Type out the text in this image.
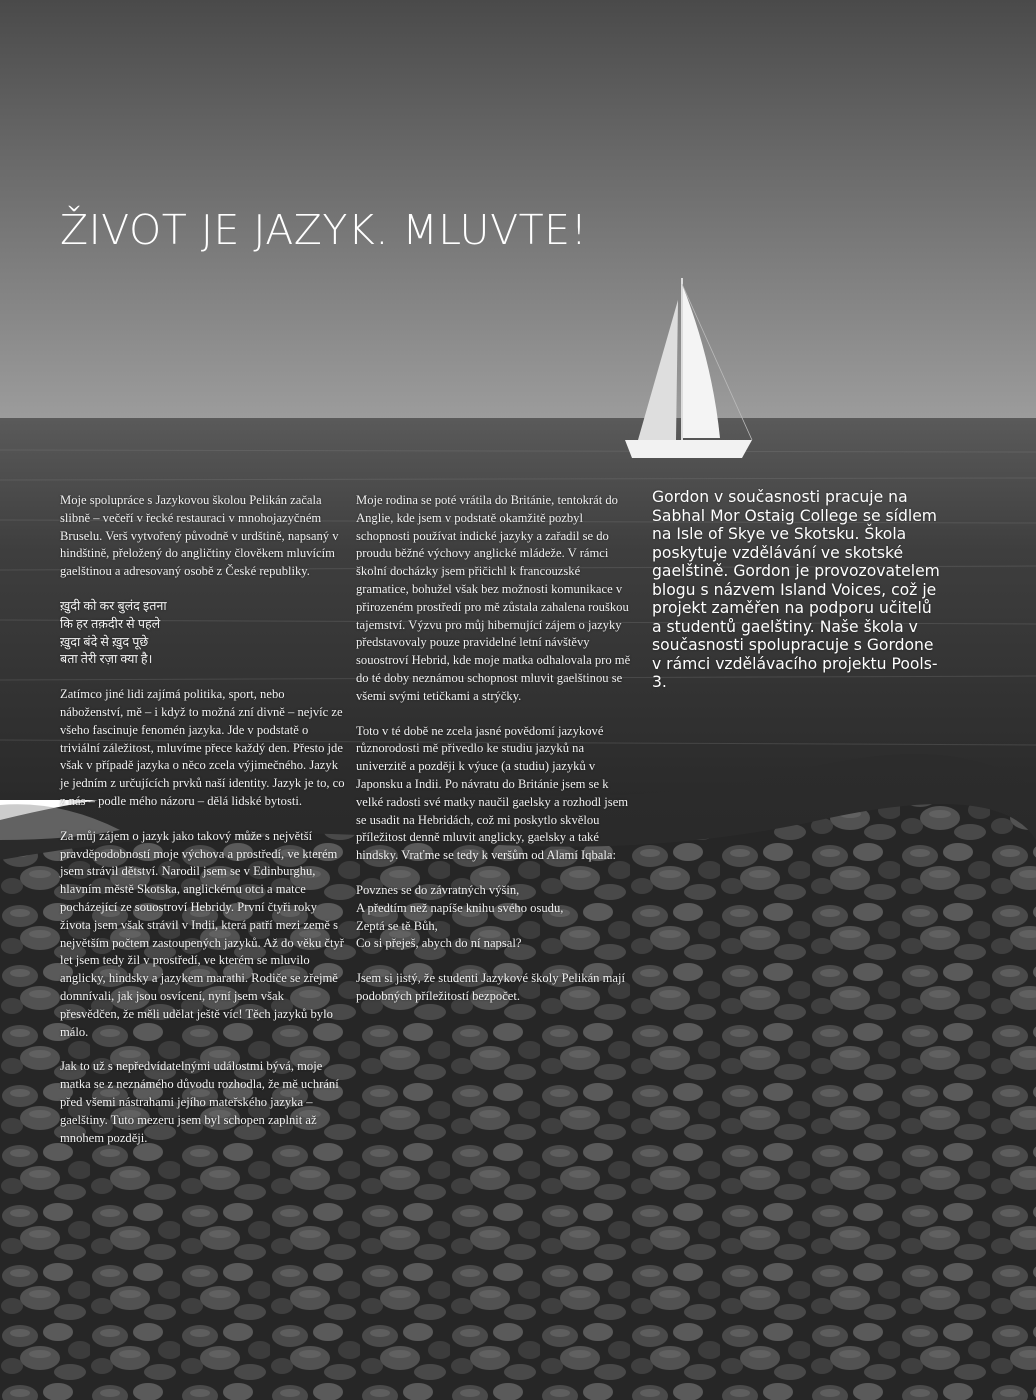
ŽIVOT JE JAZYK. MLUVTE!

Moje spolupráce s Jazykovou školou Pelikán začala slibně – večeří v řecké restauraci v mnohojazyčném Bruselu. Verš vytvořený původně v urdštině, napsaný v hindštině, přeložený do angličtiny člověkem mluvícím gaelštinou a adresovaný osobě z České republiky.

ख़ुदी को कर बुलंद इतना
कि हर तक़दीर से पहले
ख़ुदा बंदे से ख़ुद पूछे
बता तेरी रज़ा क्या है।

Zatímco jiné lidi zajímá politika, sport, nebo náboženství, mě – i když to možná zní divně – nejvíc ze všeho fascinuje fenomén jazyka. Jde v podstatě o triviální záležitost, mluvíme přece každý den. Přesto jde však v případě jazyka o něco zcela výjimečného. Jazyk je jedním z určujících prvků naší identity. Jazyk je to, co z nás – podle mého názoru – dělá lidské bytosti.

Za můj zájem o jazyk jako takový může s největší pravděpodobností moje výchova a prostředí, ve kterém jsem strávil dětství. Narodil jsem se v Edinburghu, hlavním městě Skotska, anglickému otci a matce pocházející ze souostroví Hebridy. První čtyři roky života jsem však strávil v Indii, která patří mezi země s největším počtem zastoupených jazyků. Až do věku čtyř let jsem tedy žil v prostředí, ve kterém se mluvilo anglicky, hindsky a jazykem marathi. Rodiče se zřejmě domnívali, jak jsou osvícení, nyní jsem však přesvědčen, že měli udělat ještě víc! Těch jazyků bylo málo.

Jak to už s nepředvídatelnými událostmi bývá, moje matka se z neznámého důvodu rozhodla, že mě uchrání před všemi nástrahami jejího mateřského jazyka – gaelštiny. Tuto mezeru jsem byl schopen zaplnit až mnohem později.

Moje rodina se poté vrátila do Británie, tentokrát do Anglie, kde jsem v podstatě okamžitě pozbyl schopnosti používat indické jazyky a zařadil se do proudu běžné výchovy anglické mládeže. V rámci školní docházky jsem přičichl k francouzské gramatice, bohužel však bez možnosti komunikace v přirozeném prostředí pro mě zůstala zahalena rouškou tajemství. Výzvu pro můj hibernující zájem o jazyky představovaly pouze pravidelné letní návštěvy souostroví Hebrid, kde moje matka odhalovala pro mě do té doby neznámou schopnost mluvit gaelštinou se všemi svými tetičkami a strýčky.

Toto v té době ne zcela jasné povědomí jazykové různorodosti mě přivedlo ke studiu jazyků na univerzitě a později k výuce (a studiu) jazyků v Japonsku a Indii. Po návratu do Británie jsem se k velké radosti své matky naučil gaelsky a rozhodl jsem se usadit na Hebridách, což mi poskytlo skvělou příležitost denně mluvit anglicky, gaelsky a také hindsky. Vraťme se tedy k veršům od Alamí Iqbala:

Povznes se do závratných výšin,
A předtím než napíše knihu svého osudu,
Zeptá se tě Bůh,
Co si přeješ, abych do ní napsal?

Jsem si jistý, že studenti Jazykové školy Pelikán mají podobných příležitostí bezpočet.

Gordon v současnosti pracuje na Sabhal Mor Ostaig College se sídlem na Isle of Skye ve Skotsku. Škola poskytuje vzdělávání ve skotské gaelštině. Gordon je provozovatelem blogu s názvem Island Voices, což je projekt zaměřen na podporu učitelů a studentů gaelštiny. Naše škola v současnosti spolupracuje s Gordone v rámci vzdělávacího projektu Pools-3.
